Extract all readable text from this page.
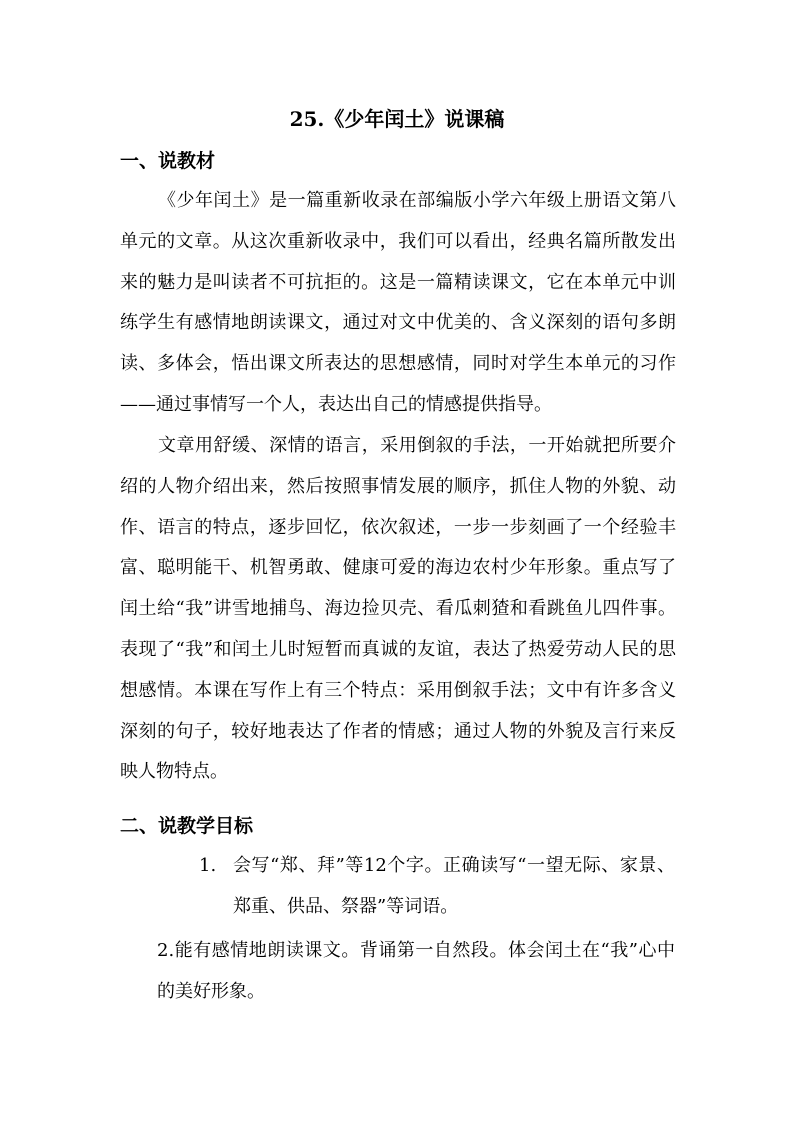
25.《少年闰土》说课稿
一、说教材

《少年闰土》是一篇重新收录在部编版小学六年级上册语文第八单元的文章。从这次重新收录中，我们可以看出，经典名篇所散发出来的魅力是叫读者不可抗拒的。这是一篇精读课文，它在本单元中训练学生有感情地朗读课文，通过对文中优美的、含义深刻的语句多朗读、多体会，悟出课文所表达的思想感情，同时对学生本单元的习作——通过事情写一个人，表达出自己的情感提供指导。

文章用舒缓、深情的语言，采用倒叙的手法，一开始就把所要介绍的人物介绍出来，然后按照事情发展的顺序，抓住人物的外貌、动作、语言的特点，逐步回忆，依次叙述，一步一步刻画了一个经验丰富、聪明能干、机智勇敢、健康可爱的海边农村少年形象。重点写了闰土给“我”讲雪地捕鸟、海边捡贝壳、看瓜刺猹和看跳鱼儿四件事。表现了“我”和闰土儿时短暂而真诚的友谊，表达了热爱劳动人民的思想感情。本课在写作上有三个特点：采用倒叙手法；文中有许多含义深刻的句子，较好地表达了作者的情感；通过人物的外貌及言行来反映人物特点。

二、说教学目标
1. 会写“郑、拜”等12个字。正确读写“一望无际、家景、郑重、供品、祭器”等词语。
2.能有感情地朗读课文。背诵第一自然段。体会闰土在“我”心中的美好形象。
